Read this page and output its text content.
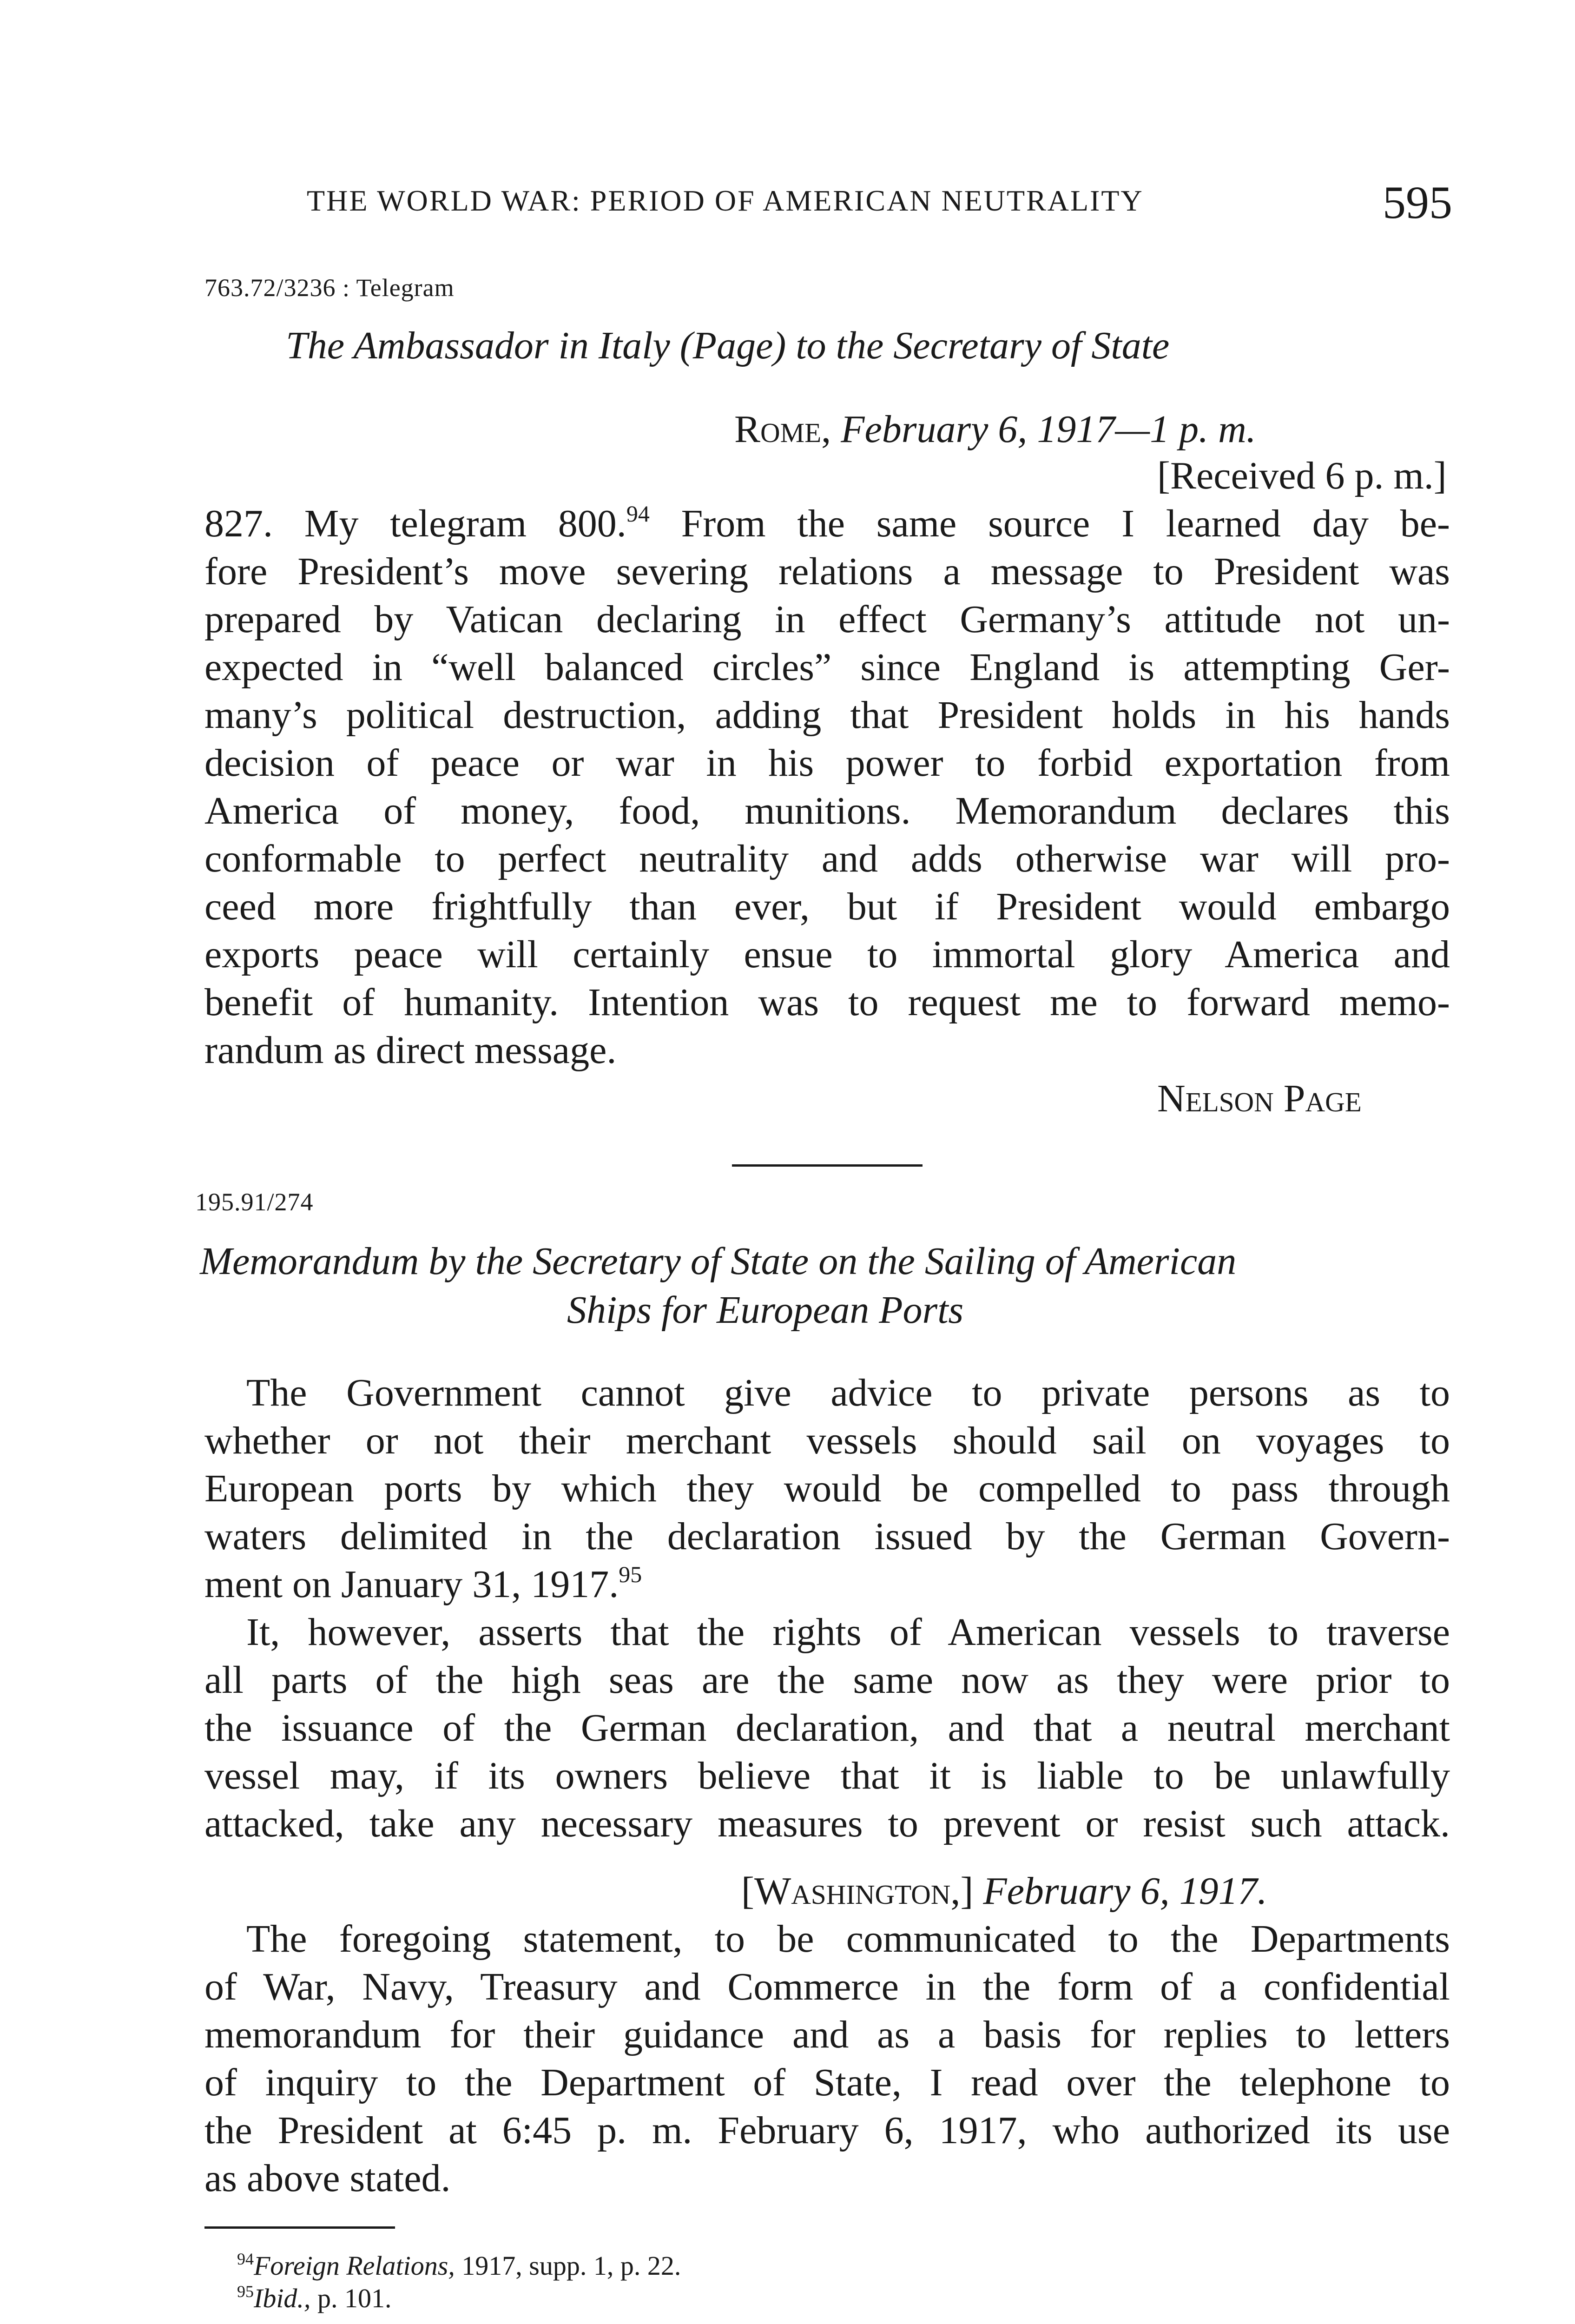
THE WORLD WAR: PERIOD OF AMERICAN NEUTRALITY	595
763.72/3236 : Telegram
The Ambassador in Italy (Page) to the Secretary of State
Rome, February 6, 1917—1 p. m.
[Received 6 p. m.]
827. My telegram 800.94 From the same source I learned day be-
fore President’s move severing relations a message to President was
prepared by Vatican declaring in effect Germany’s attitude not un-
expected in “well balanced circles” since England is attempting Ger-
many’s political destruction, adding that President holds in his hands
decision of peace or war in his power to forbid exportation from
America of money, food, munitions. Memorandum declares this
conformable to perfect neutrality and adds otherwise war will pro-
ceed more frightfully than ever, but if President would embargo
exports peace will certainly ensue to immortal glory America and
benefit of humanity. Intention was to request me to forward memo-
randum as direct message.
Nelson Page
195.91/274
Memorandum by the Secretary of State on the Sailing of American
Ships for European Ports
The Government cannot give advice to private persons as to
whether or not their merchant vessels should sail on voyages to
European ports by which they would be compelled to pass through
waters delimited in the declaration issued by the German Govern-
ment on January 31, 1917.95
It, however, asserts that the rights of American vessels to traverse
all parts of the high seas are the same now as they were prior to
the issuance of the German declaration, and that a neutral merchant
vessel may, if its owners believe that it is liable to be unlawfully
attacked, take any necessary measures to prevent or resist such attack.
[Washington,] February 6, 1917.
The foregoing statement, to be communicated to the Departments
of War, Navy, Treasury and Commerce in the form of a confidential
memorandum for their guidance and as a basis for replies to letters
of inquiry to the Department of State, I read over the telephone to
the President at 6:45 p. m. February 6, 1917, who authorized its use
as above stated.
$^{94}$Foreign Relations, 1917, supp. 1, p. 22.
$^{95}$Ibid., p. 101.
